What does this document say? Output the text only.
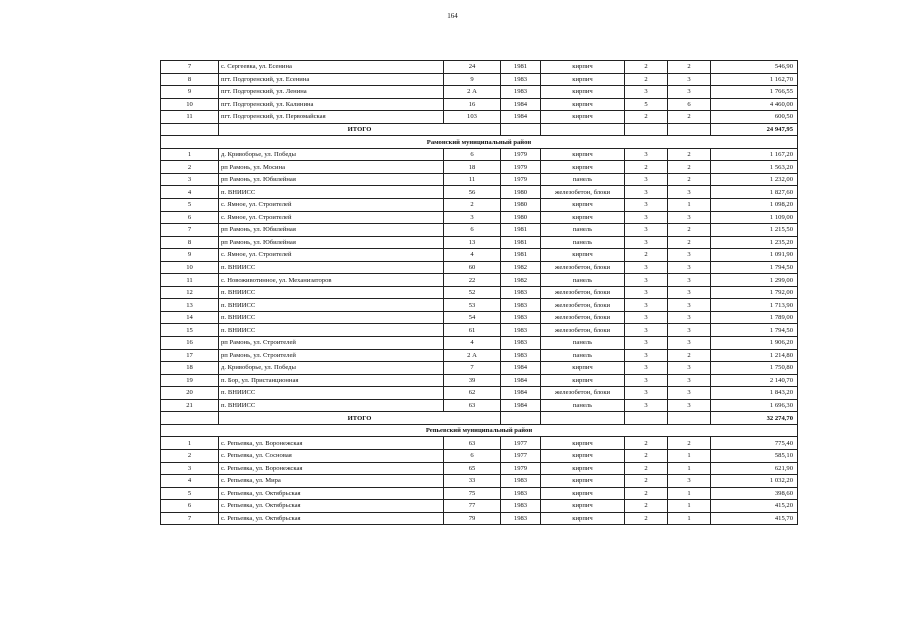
164
7	с. Сергеевка, ул. Есенина	24	1981	кирпич	2	2	546,90
8	пгт. Подгоренский, ул. Есенина	9	1983	кирпич	2	3	1 162,70
9	пгт. Подгоренский, ул. Ленина	2 А	1983	кирпич	3	3	1 766,55
10	пгт. Подгоренский, ул. Калинина	16	1984	кирпич	5	6	4 460,00
11	пгт. Подгоренский, ул. Первомайская	103	1984	кирпич	2	2	600,50
	ИТОГО						24 947,95
Рамонский муниципальный район							
1	д. Кривоборье, ул. Победы	6	1979	кирпич	3	2	1 167,20
2	рп Рамонь, ул. Мосина	18	1979	кирпич	2	2	1 563,20
3	рп Рамонь, ул. Юбилейная	11	1979	панель	3	2	1 232,00
4	п. ВНИИСС	56	1980	железобетон, блоки	3	3	1 827,60
5	с. Ямное, ул. Строителей	2	1980	кирпич	3	1	1 098,20
6	с. Ямное, ул. Строителей	3	1980	кирпич	3	3	1 109,00
7	рп Рамонь, ул. Юбилейная	6	1981	панель	3	2	1 215,50
8	рп Рамонь, ул. Юбилейная	13	1981	панель	3	2	1 235,20
9	с. Ямное, ул. Строителей	4	1981	кирпич	2	3	1 091,90
10	п. ВНИИСС	60	1982	железобетон, блоки	3	3	1 794,50
11	с. Новоживотинное, ул. Механизаторов	22	1982	панель	3	3	1 299,00
12	п. ВНИИСС	52	1983	железобетон, блоки	3	3	1 792,00
13	п. ВНИИСС	53	1983	железобетон, блоки	3	3	1 713,90
14	п. ВНИИСС	54	1983	железобетон, блоки	3	3	1 789,00
15	п. ВНИИСС	61	1983	железобетон, блоки	3	3	1 794,50
16	рп Рамонь, ул. Строителей	4	1983	панель	3	3	1 906,20
17	рп Рамонь, ул. Строителей	2 А	1983	панель	3	2	1 214,80
18	д. Кривоборье, ул. Победы	7	1984	кирпич	3	3	1 750,80
19	п. Бор, ул. Пристанционная	39	1984	кирпич	3	3	2 140,70
20	п. ВНИИСС	62	1984	железобетон, блоки	3	3	1 843,20
21	п. ВНИИСС	63	1984	панель	3	3	1 696,30
	ИТОГО						32 274,70
Репьевский муниципальный район							
1	с. Репьевка, ул. Воронежская	63	1977	кирпич	2	2	775,40
2	с. Репьевка, ул. Сосновая	6	1977	кирпич	2	1	585,10
3	с. Репьевка, ул. Воронежская	65	1979	кирпич	2	1	621,90
4	с. Репьевка, ул. Мира	33	1983	кирпич	2	3	1 032,20
5	с. Репьевка, ул. Октябрьская	75	1983	кирпич	2	1	398,60
6	с. Репьевка, ул. Октябрьская	77	1983	кирпич	2	1	415,20
7	с. Репьевка, ул. Октябрьская	79	1983	кирпич	2	1	415,70
